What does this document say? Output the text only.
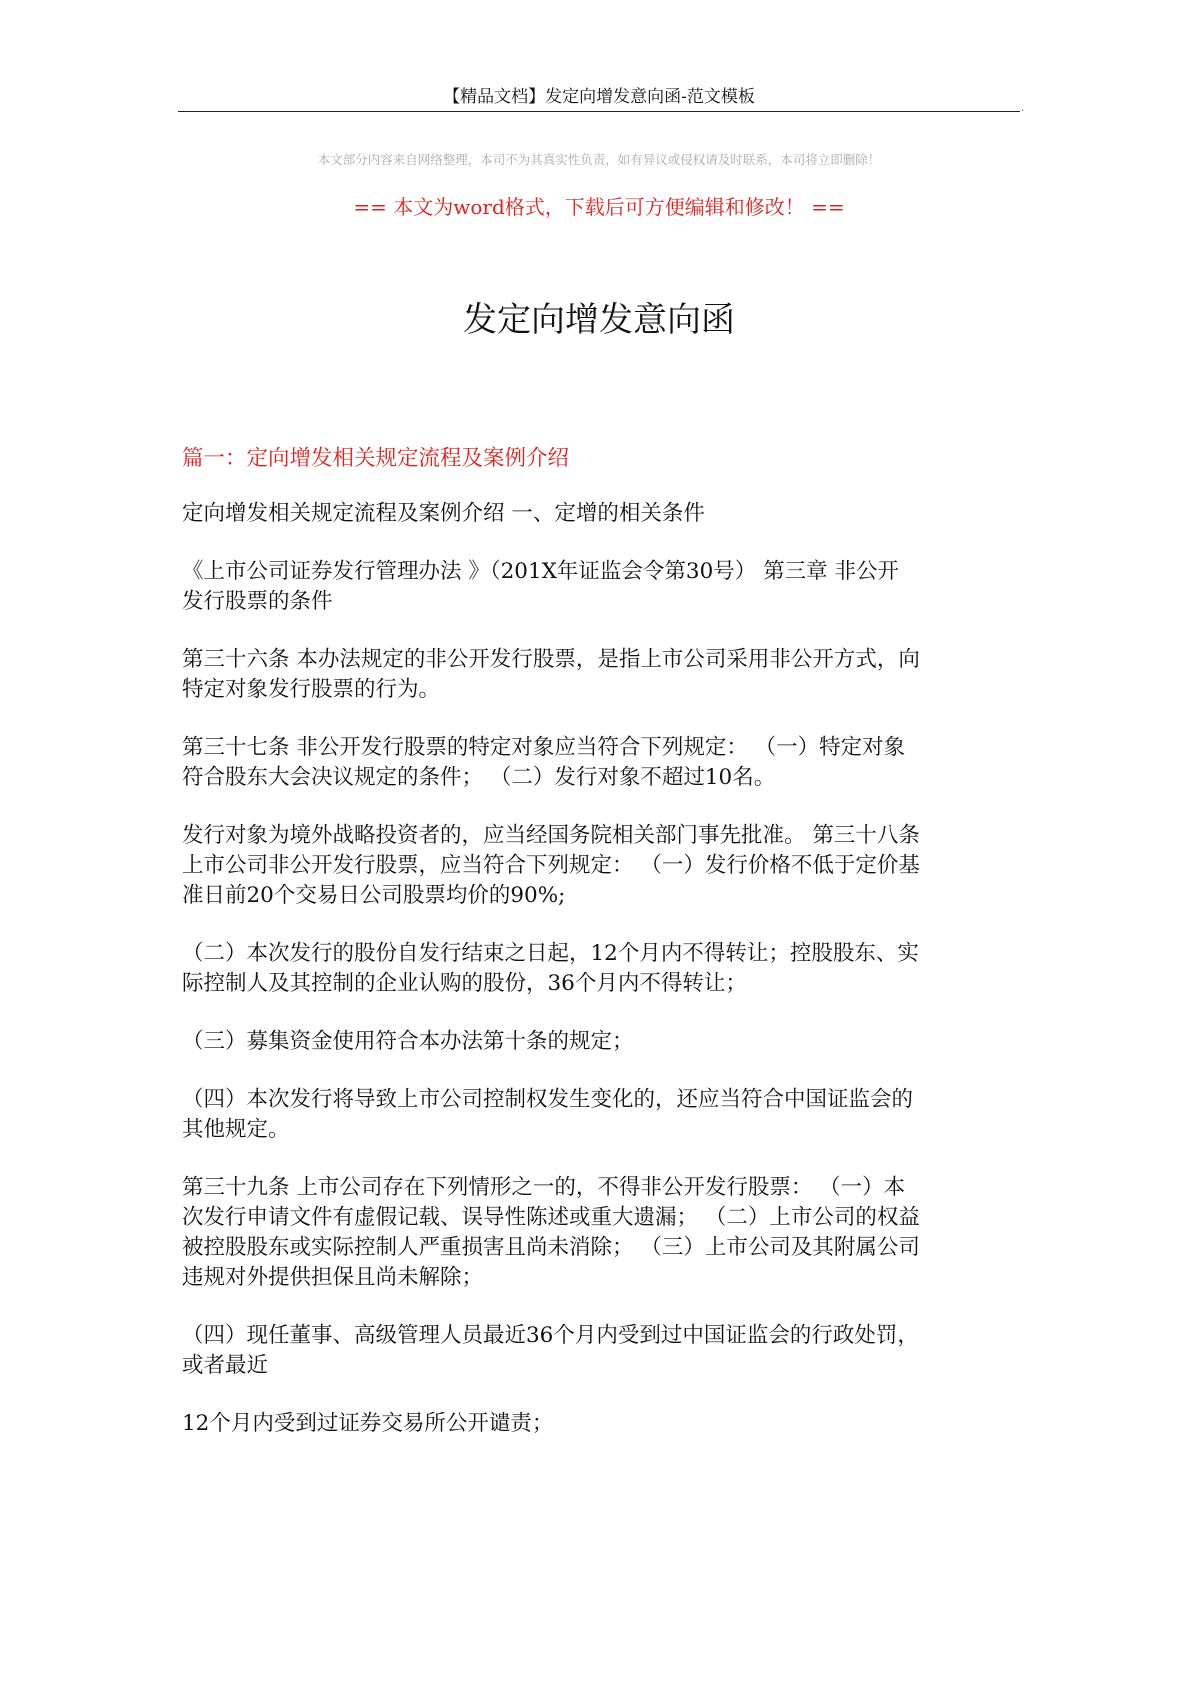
【精品文档】发定向增发意向函-范文模板
.
本文部分内容来自网络整理，本司不为其真实性负责，如有异议或侵权请及时联系，本司将立即删除！
== 本文为word格式，下载后可方便编辑和修改！ ==
发定向增发意向函
篇一：定向增发相关规定流程及案例介绍
定向增发相关规定流程及案例介绍 一、定增的相关条件
《上市公司证券发行管理办法 》（201X年证监会令第30号） 第三章 非公开
发行股票的条件
第三十六条 本办法规定的非公开发行股票，是指上市公司采用非公开方式，向
特定对象发行股票的行为。
第三十七条 非公开发行股票的特定对象应当符合下列规定： （一）特定对象
符合股东大会决议规定的条件； （二）发行对象不超过10名。
发行对象为境外战略投资者的，应当经国务院相关部门事先批准。 第三十八条
上市公司非公开发行股票，应当符合下列规定： （一）发行价格不低于定价基
准日前20个交易日公司股票均价的90%;
（二）本次发行的股份自发行结束之日起，12个月内不得转让；控股股东、实
际控制人及其控制的企业认购的股份，36个月内不得转让；
（三）募集资金使用符合本办法第十条的规定；
（四）本次发行将导致上市公司控制权发生变化的，还应当符合中国证监会的
其他规定。
第三十九条 上市公司存在下列情形之一的，不得非公开发行股票： （一）本
次发行申请文件有虚假记载、误导性陈述或重大遗漏； （二）上市公司的权益
被控股股东或实际控制人严重损害且尚未消除； （三）上市公司及其附属公司
违规对外提供担保且尚未解除；
（四）现任董事、高级管理人员最近36个月内受到过中国证监会的行政处罚，
或者最近
12个月内受到过证券交易所公开谴责；
